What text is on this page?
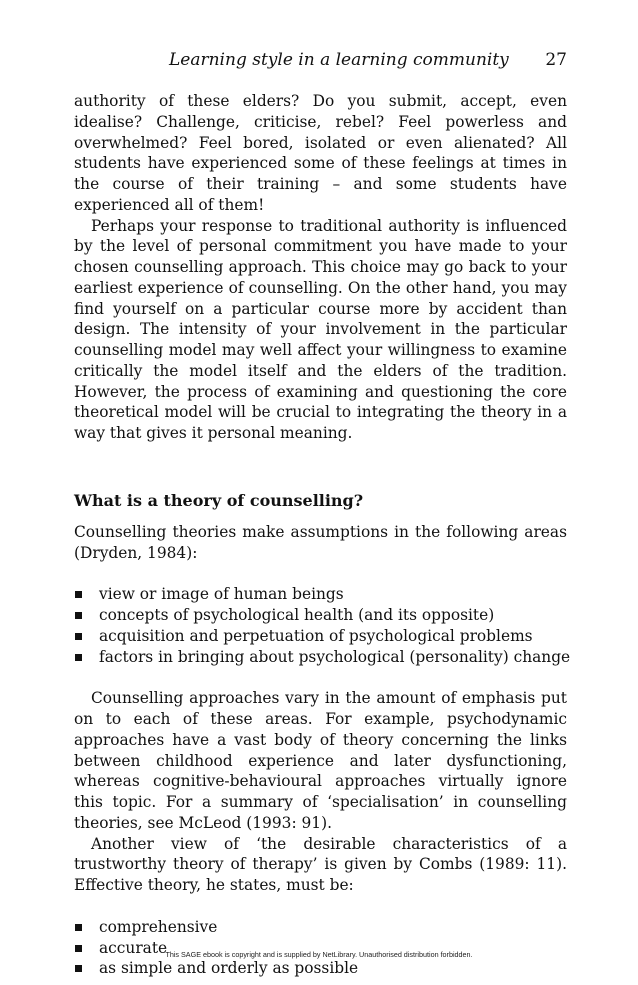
Learning style in a learning community 27

authority of these elders? Do you submit, accept, even idealise? Challenge, criticise, rebel? Feel powerless and overwhelmed? Feel bored, isolated or even alienated? All students have experienced some of these feelings at times in the course of their training – and some students have experienced all of them!

Perhaps your response to traditional authority is influenced by the level of personal commitment you have made to your chosen counselling approach. This choice may go back to your earliest experience of counselling. On the other hand, you may find yourself on a particular course more by accident than design. The intensity of your involvement in the particular counselling model may well affect your willingness to examine critically the model itself and the elders of the tradition. However, the process of examining and questioning the core theoretical model will be crucial to integrating the theory in a way that gives it personal meaning.

What is a theory of counselling?

Counselling theories make assumptions in the following areas (Dryden, 1984):

view or image of human beings
concepts of psychological health (and its opposite)
acquisition and perpetuation of psychological problems
factors in bringing about psychological (personality) change

Counselling approaches vary in the amount of emphasis put on to each of these areas. For example, psychodynamic approaches have a vast body of theory concerning the links between childhood experience and later dysfunctioning, whereas cognitive-behavioural approaches virtually ignore this topic. For a summary of ‘specialisation’ in counselling theories, see McLeod (1993: 91).

Another view of ‘the desirable characteristics of a trustworthy theory of therapy’ is given by Combs (1989: 11). Effective theory, he states, must be:

comprehensive
accurate
as simple and orderly as possible
This SAGE ebook is copyright and is supplied by NetLibrary. Unauthorised distribution forbidden.
